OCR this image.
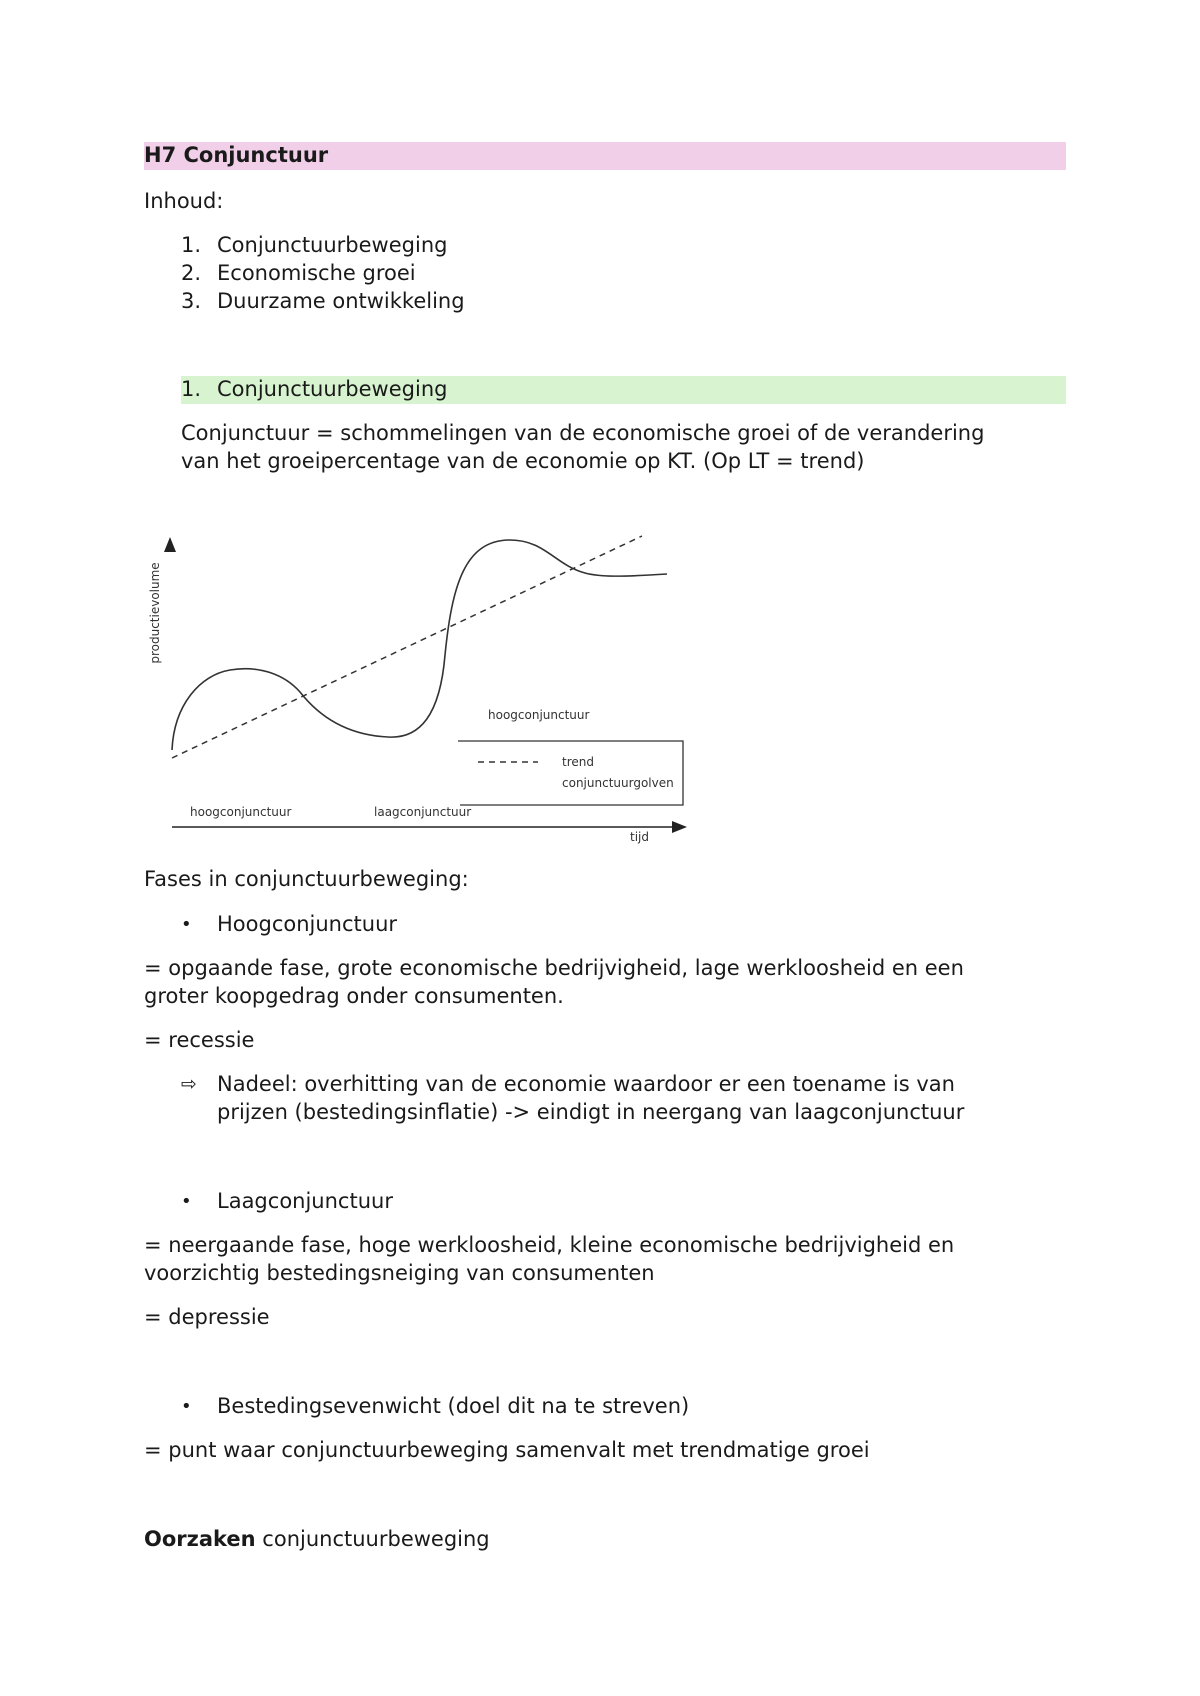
H7 Conjunctuur
Inhoud:
1. Conjunctuurbeweging
2. Economische groei
3. Duurzame ontwikkeling
1. Conjunctuurbeweging
Conjunctuur = schommelingen van de economische groei of de verandering
van het groeipercentage van de economie op KT. (Op LT = trend)
productievolume
hoogconjunctuur
trend
conjunctuurgolven
hoogconjunctuur	laagconjunctuur
tijd
Fases in conjunctuurbeweging:
• Hoogconjunctuur
= opgaande fase, grote economische bedrijvigheid, lage werkloosheid en een
groter koopgedrag onder consumenten.
= recessie
⇨ Nadeel: overhitting van de economie waardoor er een toename is van
prijzen (bestedingsinflatie) -> eindigt in neergang van laagconjunctuur
• Laagconjunctuur
= neergaande fase, hoge werkloosheid, kleine economische bedrijvigheid en
voorzichtig bestedingsneiging van consumenten
= depressie
• Bestedingsevenwicht (doel dit na te streven)
= punt waar conjunctuurbeweging samenvalt met trendmatige groei
Oorzaken conjunctuurbeweging
